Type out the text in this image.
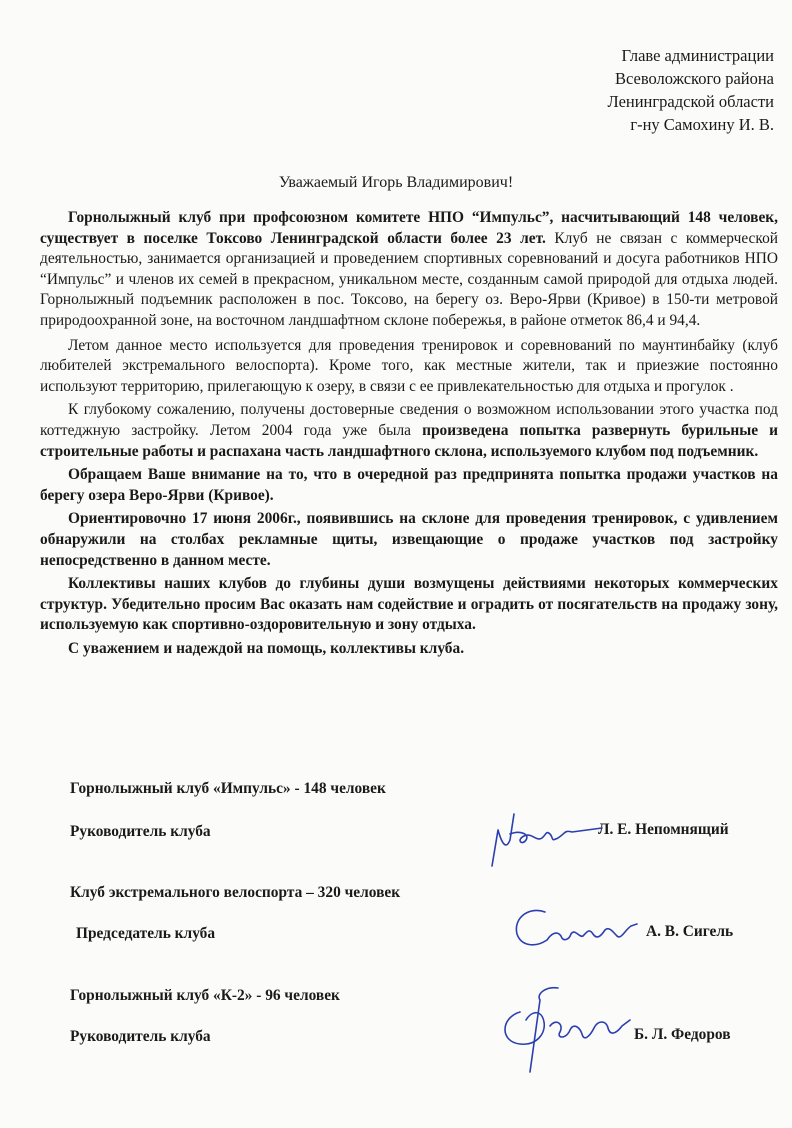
Главе администрации
Всеволожского района
Ленинградской области
г-ну Самохину И. В.
Уважаемый Игорь Владимирович!

Горнолыжный клуб при профсоюзном комитете НПО “Импульс”, насчитывающий 148 человек, существует в поселке Токсово Ленинградской области более 23 лет. Клуб не связан с коммерческой деятельностью, занимается организацией и проведением спортивных соревнований и досуга работников НПО “Импульс” и членов их семей в прекрасном, уникальном месте, созданным самой природой для отдыха людей. Горнолыжный подъемник расположен в пос. Токсово, на берегу оз. Веро-Ярви (Кривое) в 150-ти метровой природоохранной зоне, на восточном ландшафтном склоне побережья, в районе отметок 86,4 и 94,4.

Летом данное место используется для проведения тренировок и соревнований по маунтинбайку (клуб любителей экстремального велоспорта). Кроме того, как местные жители, так и приезжие постоянно используют территорию, прилегающую к озеру, в связи с ее привлекательностью для отдыха и прогулок .

К глубокому сожалению, получены достоверные сведения о возможном использовании этого участка под коттеджную застройку. Летом 2004 года уже была произведена попытка развернуть бурильные и строительные работы и распахана часть ландшафтного склона, используемого клубом под подъемник.

Обращаем Ваше внимание на то, что в очередной раз предпринята попытка продажи участков на берегу озера Веро-Ярви (Кривое).

Ориентировочно 17 июня 2006г., появившись на склоне для проведения тренировок, с удивлением обнаружили на столбах рекламные щиты, извещающие о продаже участков под застройку непосредственно в данном месте.

Коллективы наших клубов до глубины души возмущены действиями некоторых коммерческих структур. Убедительно просим Вас оказать нам содействие и оградить от посягательств на продажу зону, используемую как спортивно-оздоровительную и зону отдыха.

С уважением и надеждой на помощь, коллективы клуба.

Горнолыжный клуб «Импульс» - 148 человек
Руководитель клуба	Л. Е. Непомнящий
Клуб экстремального велоспорта – 320 человек
Председатель клуба	А. В. Сигель
Горнолыжный клуб «К-2» - 96 человек
Руководитель клуба	Б. Л. Федоров
